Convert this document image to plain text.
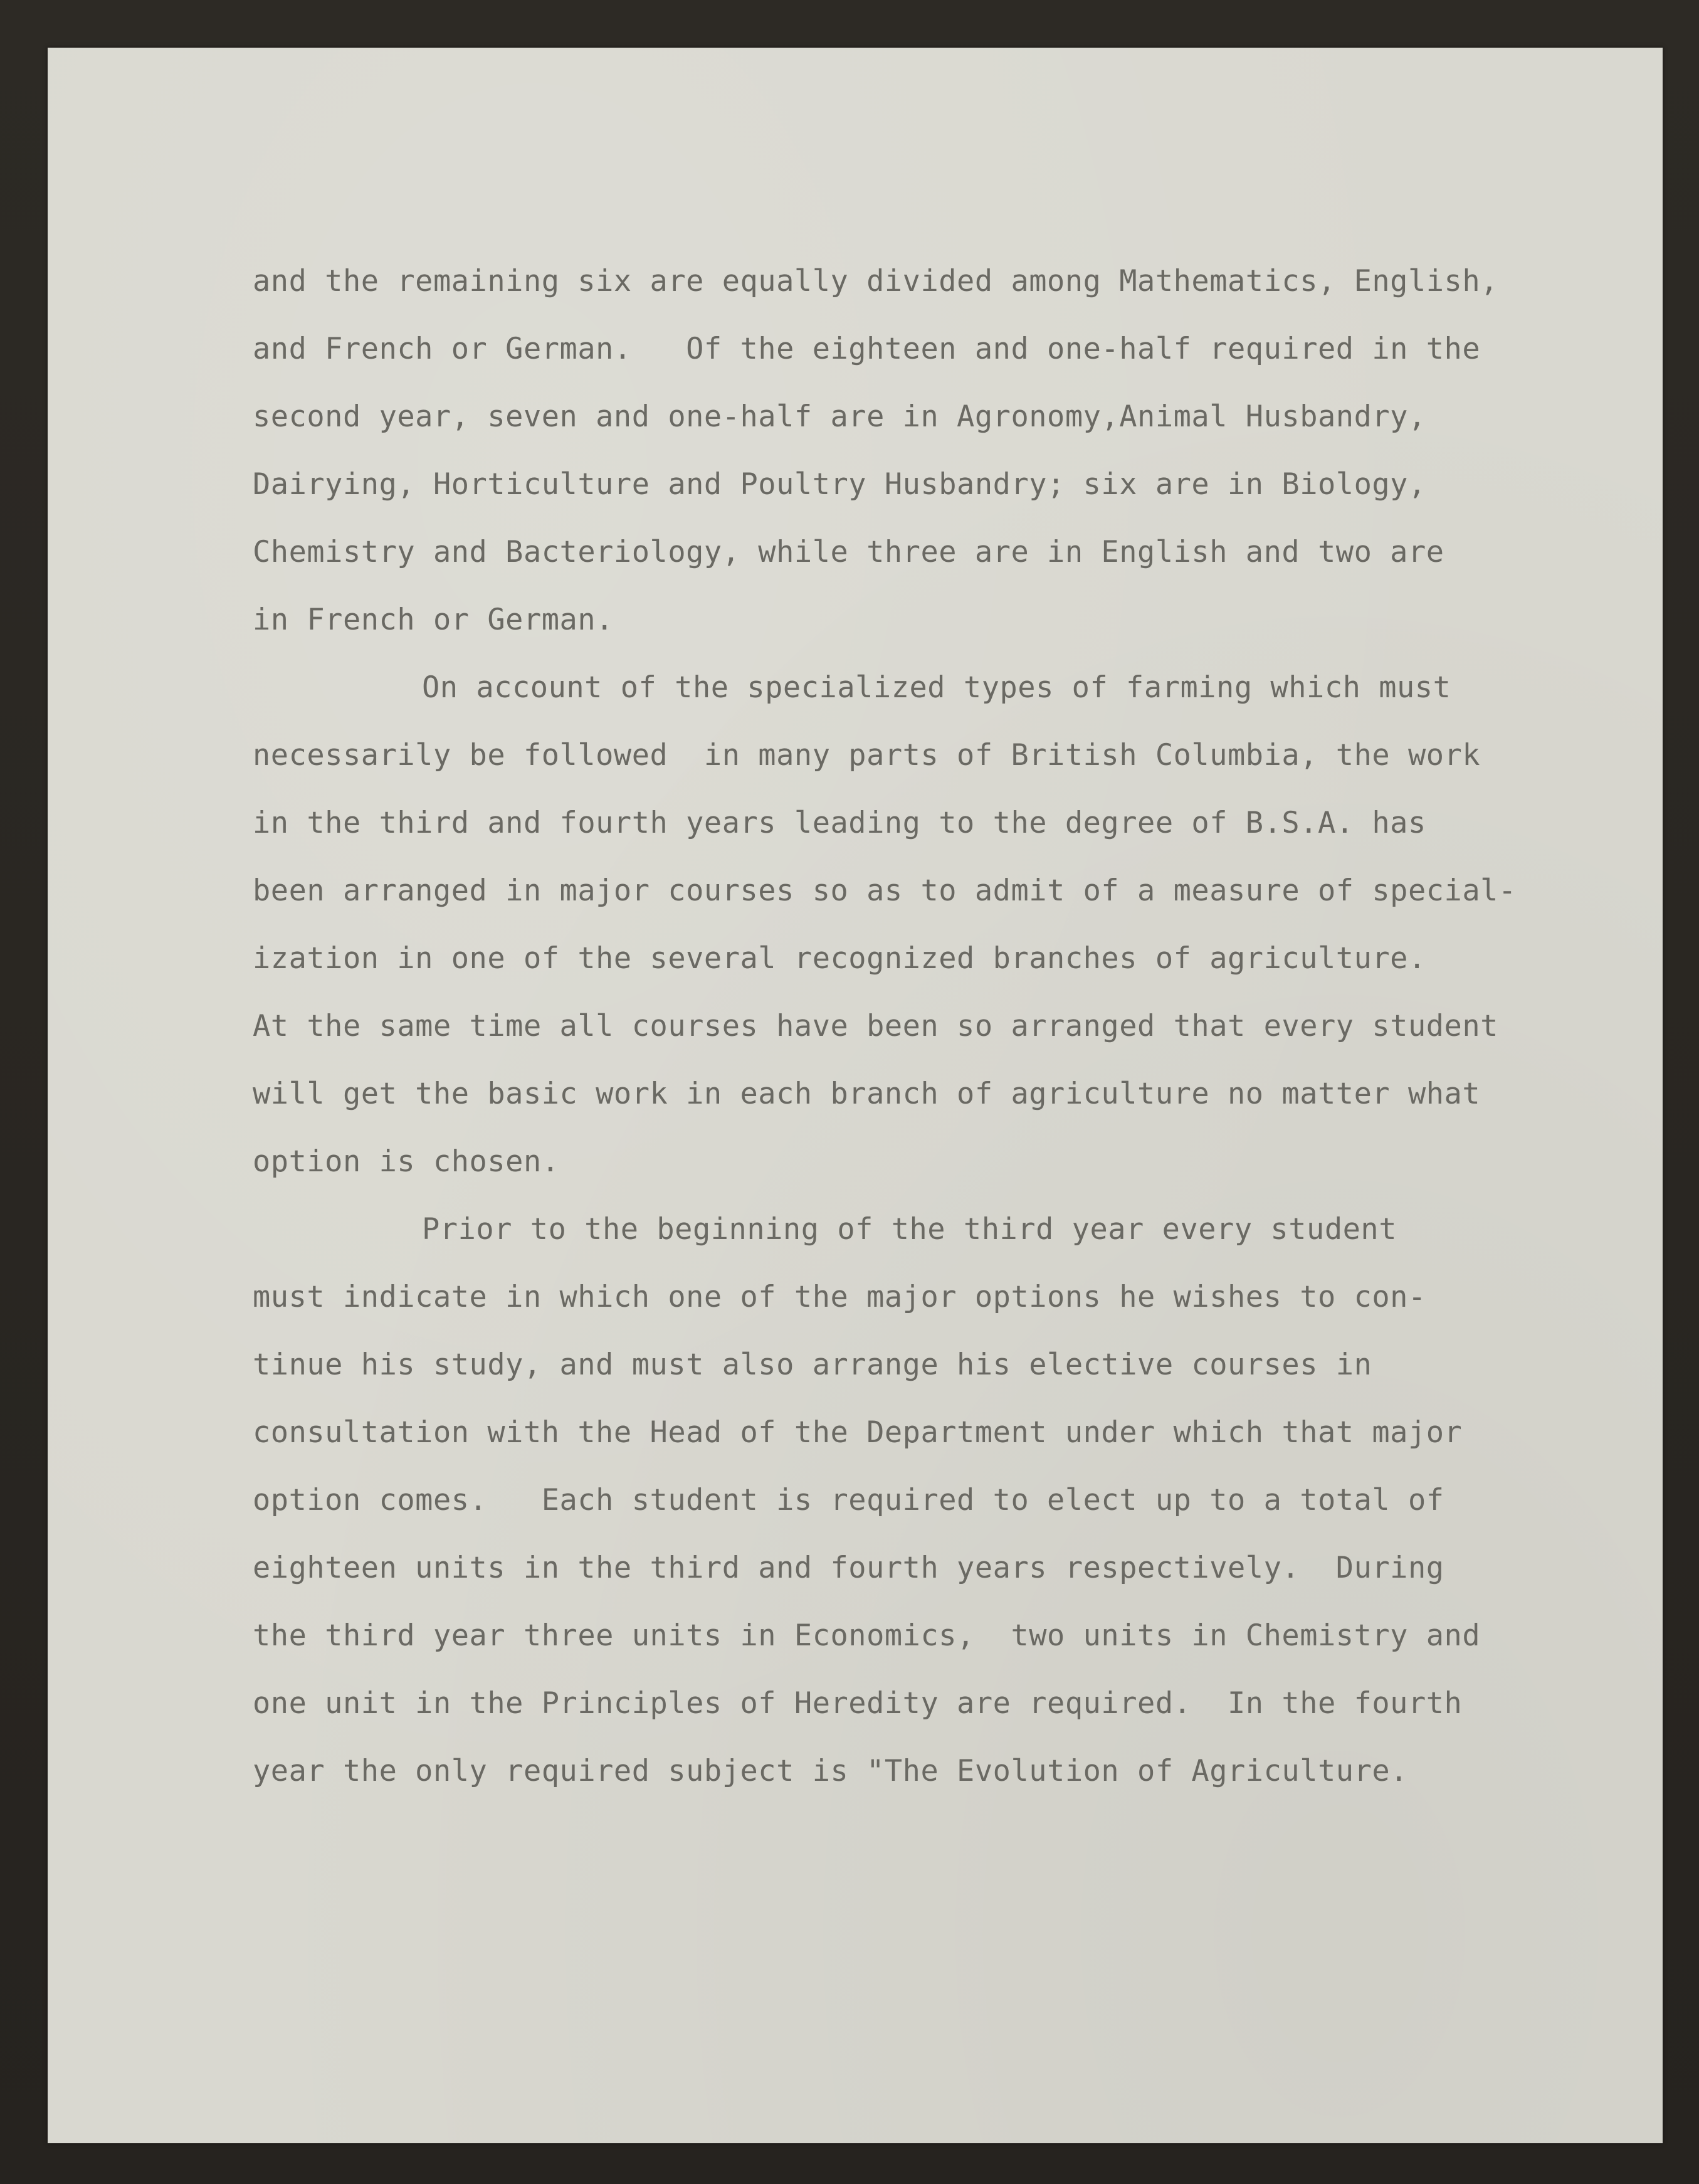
and the remaining six are equally divided among Mathematics, English,
and French or German.   Of the eighteen and one-half required in the
second year, seven and one-half are in Agronomy,Animal Husbandry,
Dairying, Horticulture and Poultry Husbandry; six are in Biology,
Chemistry and Bacteriology, while three are in English and two are
in French or German.
On account of the specialized types of farming which must
necessarily be followed  in many parts of British Columbia, the work
in the third and fourth years leading to the degree of B.S.A. has
been arranged in major courses so as to admit of a measure of special-
ization in one of the several recognized branches of agriculture.
At the same time all courses have been so arranged that every student
will get the basic work in each branch of agriculture no matter what
option is chosen.
Prior to the beginning of the third year every student
must indicate in which one of the major options he wishes to con-
tinue his study, and must also arrange his elective courses in
consultation with the Head of the Department under which that major
option comes.   Each student is required to elect up to a total of
eighteen units in the third and fourth years respectively.  During
the third year three units in Economics,  two units in Chemistry and
one unit in the Principles of Heredity are required.  In the fourth
year the only required subject is "The Evolution of Agriculture.
